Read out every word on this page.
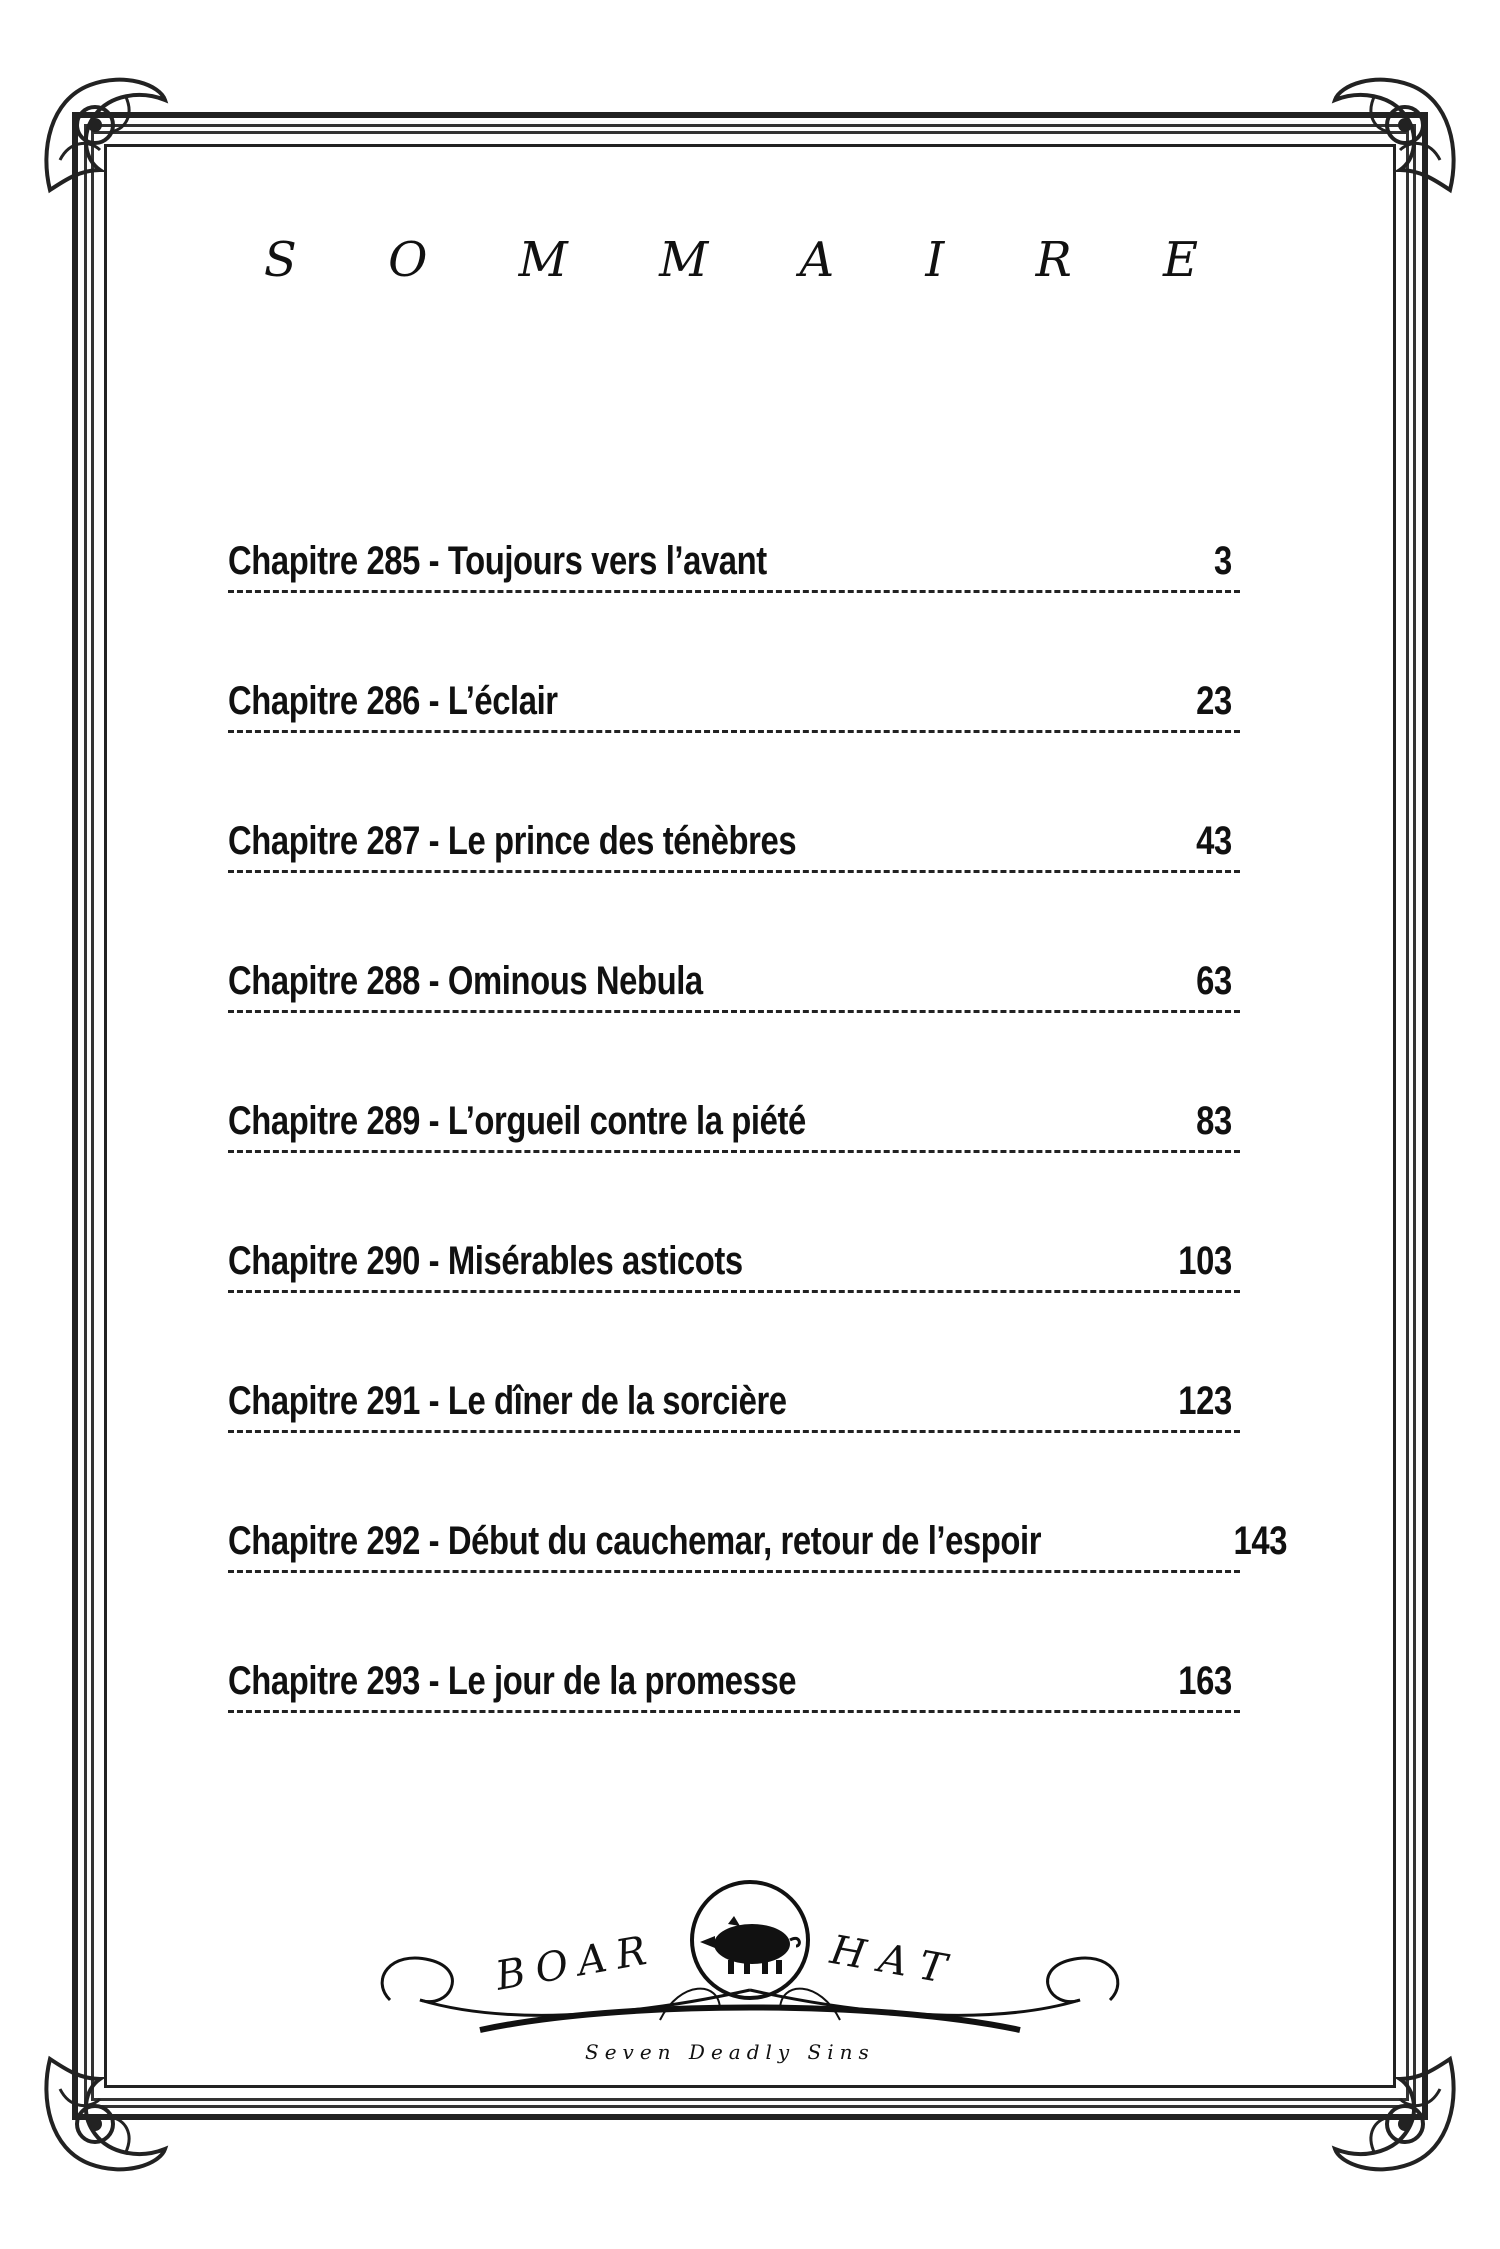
S O M M A I R E
Chapitre 285 - Toujours vers l’avant	3
Chapitre 286 - L’éclair	23
Chapitre 287 - Le prince des ténèbres	43
Chapitre 288 - Ominous Nebula	63
Chapitre 289 - L’orgueil contre la piété	83
Chapitre 290 - Misérables asticots	103
Chapitre 291 - Le dîner de la sorcière	123
Chapitre 292 - Début du cauchemar, retour de l’espoir	143
Chapitre 293 - Le jour de la promesse	163
BOAR	HAT
Seven Deadly Sins
